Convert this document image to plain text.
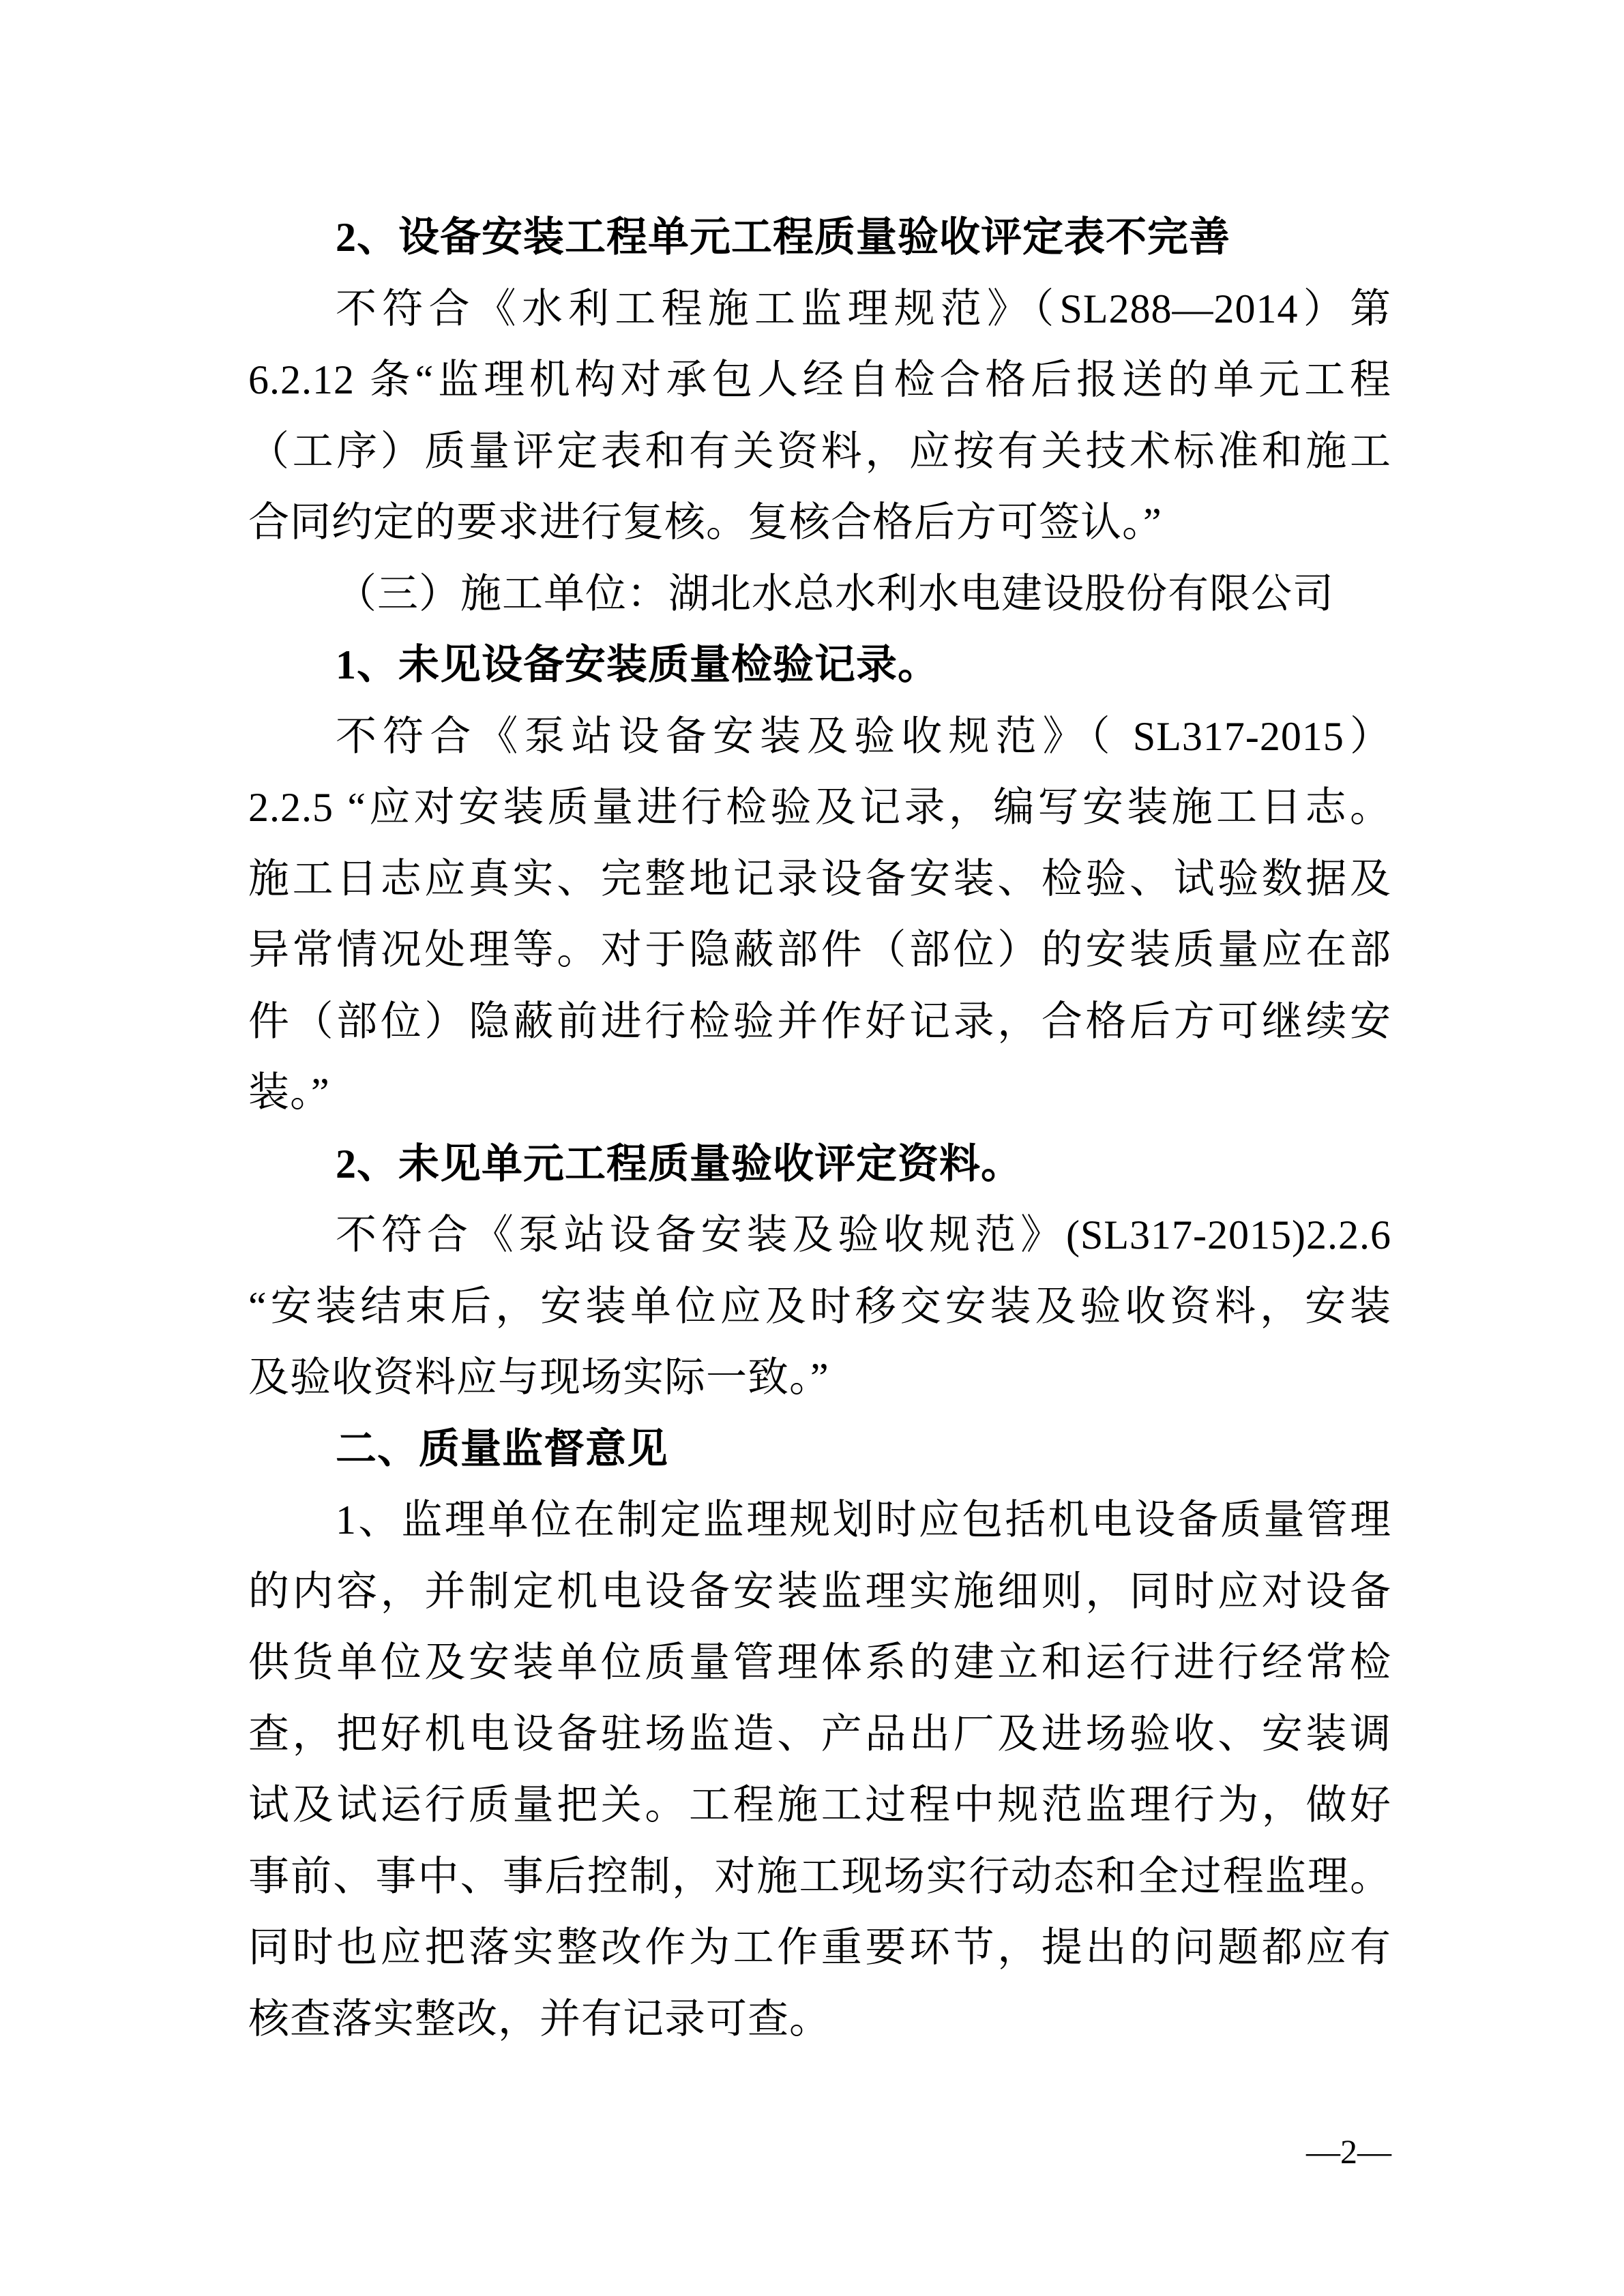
2、设备安装工程单元工程质量验收评定表不完善
不符合《水利工程施工监理规范》（SL288—2014）第
6.2.12 条“监理机构对承包人经自检合格后报送的单元工程
（工序）质量评定表和有关资料，应按有关技术标准和施工
合同约定的要求进行复核。复核合格后方可签认。”
（三）施工单位：湖北水总水利水电建设股份有限公司
1、未见设备安装质量检验记录。
不符合《泵站设备安装及验收规范》（ SL317-2015）
2.2.5 “应对安装质量进行检验及记录，编写安装施工日志。
施工日志应真实、完整地记录设备安装、检验、试验数据及
异常情况处理等。对于隐蔽部件（部位）的安装质量应在部
件（部位）隐蔽前进行检验并作好记录，合格后方可继续安
装。”
2、未见单元工程质量验收评定资料。
不符合《泵站设备安装及验收规范》(SL317-2015)2.2.6
“安装结束后，安装单位应及时移交安装及验收资料，安装
及验收资料应与现场实际一致。”
二、质量监督意见
1、监理单位在制定监理规划时应包括机电设备质量管理
的内容，并制定机电设备安装监理实施细则，同时应对设备
供货单位及安装单位质量管理体系的建立和运行进行经常检
查，把好机电设备驻场监造、产品出厂及进场验收、安装调
试及试运行质量把关。工程施工过程中规范监理行为，做好
事前、事中、事后控制，对施工现场实行动态和全过程监理。
同时也应把落实整改作为工作重要环节，提出的问题都应有
核查落实整改，并有记录可查。
—2—
